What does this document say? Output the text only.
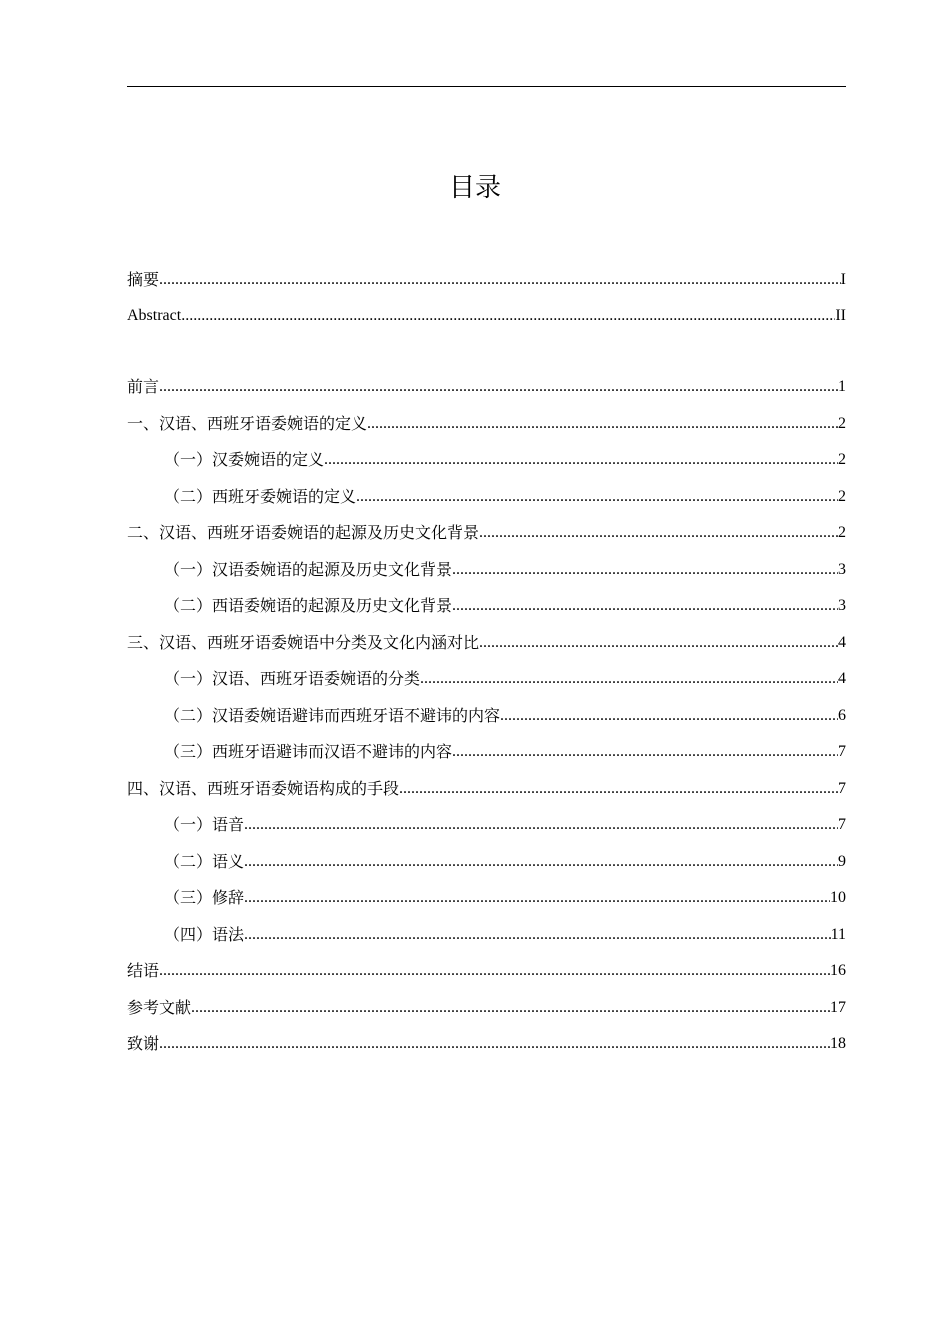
目录
摘要 .....	I
Abstract .....	II
前言 .....	1
一、汉语、西班牙语委婉语的定义 .....	2
（一）汉委婉语的定义 .....	2
（二）西班牙委婉语的定义 .....	2
二、汉语、西班牙语委婉语的起源及历史文化背景 .....	2
（一）汉语委婉语的起源及历史文化背景 .....	3
（二）西语委婉语的起源及历史文化背景 .....	3
三、汉语、西班牙语委婉语中分类及文化内涵对比 .....	4
（一）汉语、西班牙语委婉语的分类 .....	4
（二）汉语委婉语避讳而西班牙语不避讳的内容 .....	6
（三）西班牙语避讳而汉语不避讳的内容 .....	7
四、汉语、西班牙语委婉语构成的手段 .....	7
（一）语音 .....	7
（二）语义 .....	9
（三）修辞 .....	10
（四）语法 .....	11
结语 .....	16
参考文献 .....	17
致谢 .....	18
